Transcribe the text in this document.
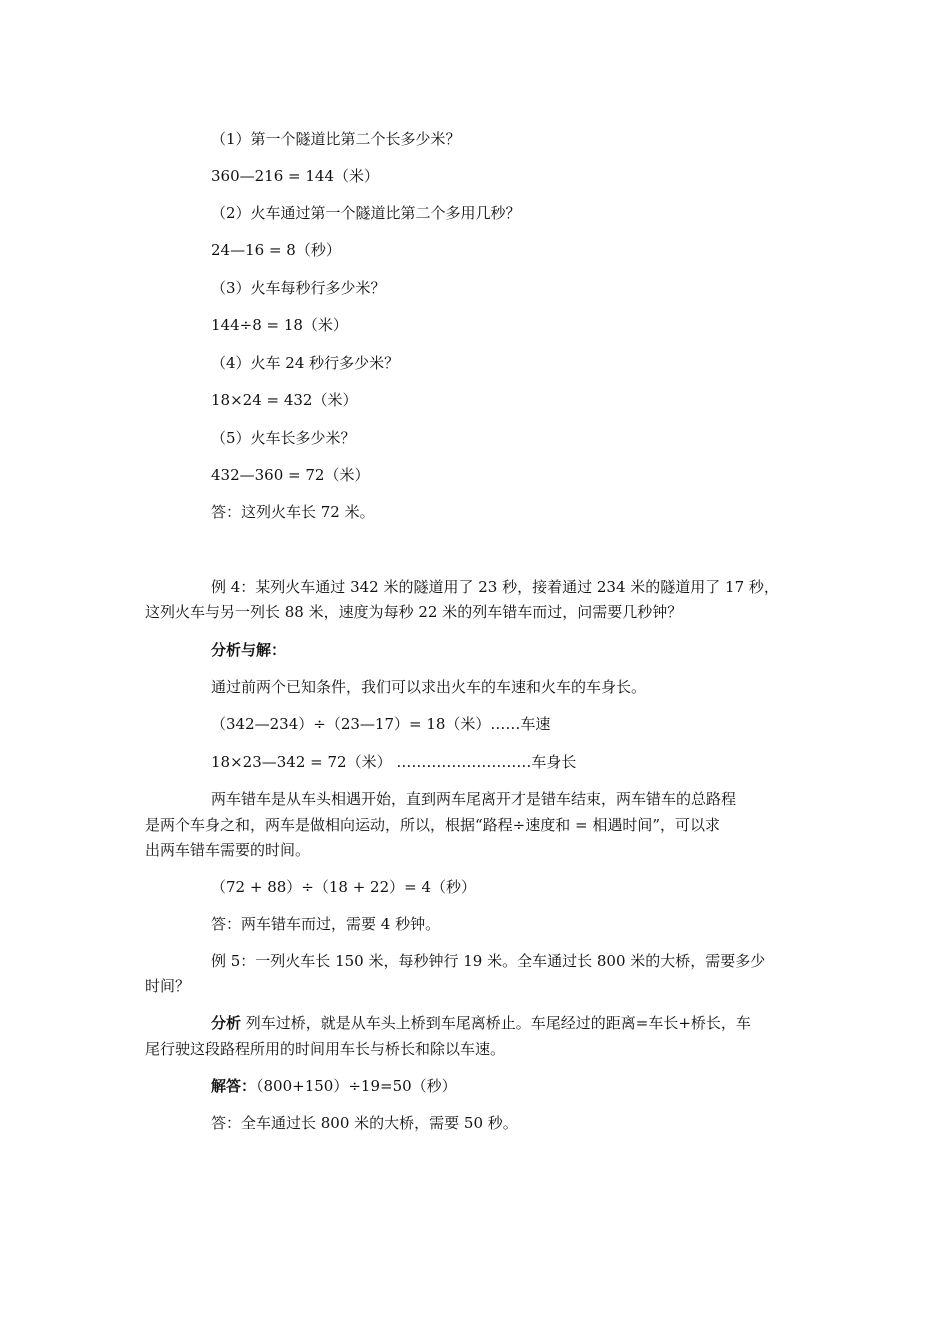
（1）第一个隧道比第二个长多少米？
360—216 = 144（米）
（2）火车通过第一个隧道比第二个多用几秒？
24—16 = 8（秒）
（3）火车每秒行多少米？
144÷8 = 18（米）
（4）火车 24 秒行多少米？
18×24 = 432（米）
（5）火车长多少米？
432—360 = 72（米）
答：这列火车长 72 米。
例 4：某列火车通过 342 米的隧道用了 23 秒，接着通过 234 米的隧道用了 17 秒，
这列火车与另一列长 88 米，速度为每秒 22 米的列车错车而过，问需要几秒钟？
分析与解：
通过前两个已知条件，我们可以求出火车的车速和火车的车身长。
（342—234）÷（23—17）= 18（米）……车速
18×23—342 = 72（米） ………………………车身长
两车错车是从车头相遇开始，直到两车尾离开才是错车结束，两车错车的总路程
是两个车身之和，两车是做相向运动，所以，根据“路程÷速度和 = 相遇时间”，可以求
出两车错车需要的时间。
（72 + 88）÷（18 + 22）= 4（秒）
答：两车错车而过，需要 4 秒钟。
例 5：一列火车长 150 米，每秒钟行 19 米。全车通过长 800 米的大桥，需要多少
时间？
分析 列车过桥，就是从车头上桥到车尾离桥止。车尾经过的距离=车长+桥长，车
尾行驶这段路程所用的时间用车长与桥长和除以车速。
解答：（800+150）÷19=50（秒）
答：全车通过长 800 米的大桥，需要 50 秒。
